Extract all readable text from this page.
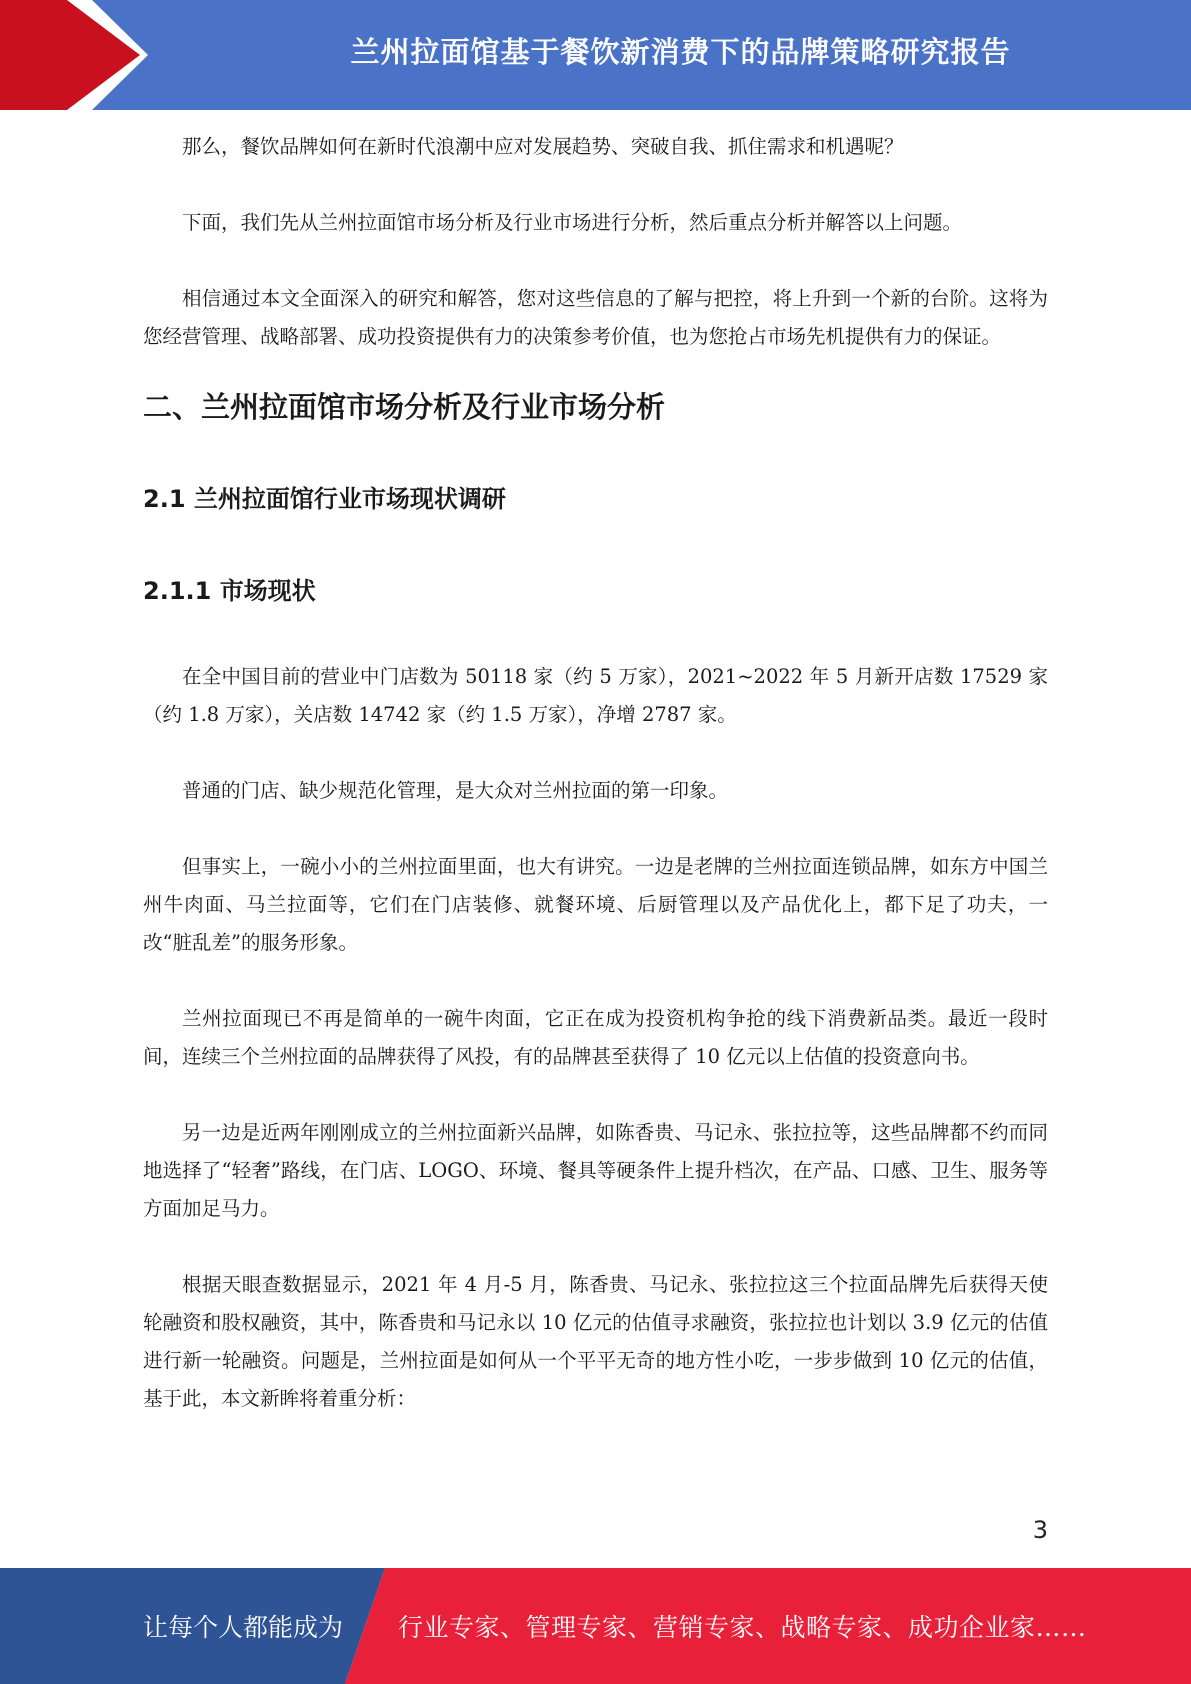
兰州拉面馆基于餐饮新消费下的品牌策略研究报告

那么，餐饮品牌如何在新时代浪潮中应对发展趋势、突破自我、抓住需求和机遇呢？

下面，我们先从兰州拉面馆市场分析及行业市场进行分析，然后重点分析并解答以上问题。

相信通过本文全面深入的研究和解答，您对这些信息的了解与把控，将上升到一个新的台阶。这将为您经营管理、战略部署、成功投资提供有力的决策参考价值，也为您抢占市场先机提供有力的保证。

二、兰州拉面馆市场分析及行业市场分析
2.1 兰州拉面馆行业市场现状调研
2.1.1 市场现状

在全中国目前的营业中门店数为 50118 家（约 5 万家），2021~2022 年 5 月新开店数 17529 家（约 1.8 万家），关店数 14742 家（约 1.5 万家），净增 2787 家。

普通的门店、缺少规范化管理，是大众对兰州拉面的第一印象。

但事实上，一碗小小的兰州拉面里面，也大有讲究。一边是老牌的兰州拉面连锁品牌，如东方中国兰州牛肉面、马兰拉面等，它们在门店装修、就餐环境、后厨管理以及产品优化上，都下足了功夫，一改“脏乱差”的服务形象。

兰州拉面现已不再是简单的一碗牛肉面，它正在成为投资机构争抢的线下消费新品类。最近一段时间，连续三个兰州拉面的品牌获得了风投，有的品牌甚至获得了 10 亿元以上估值的投资意向书。

另一边是近两年刚刚成立的兰州拉面新兴品牌，如陈香贵、马记永、张拉拉等，这些品牌都不约而同地选择了“轻奢”路线，在门店、LOGO、环境、餐具等硬条件上提升档次，在产品、口感、卫生、服务等方面加足马力。

根据天眼查数据显示，2021 年 4 月-5 月，陈香贵、马记永、张拉拉这三个拉面品牌先后获得天使轮融资和股权融资，其中，陈香贵和马记永以 10 亿元的估值寻求融资，张拉拉也计划以 3.9 亿元的估值进行新一轮融资。问题是，兰州拉面是如何从一个平平无奇的地方性小吃，一步步做到 10 亿元的估值，基于此，本文新眸将着重分析：

3
让每个人都能成为 行业专家、管理专家、营销专家、战略专家、成功企业家……
